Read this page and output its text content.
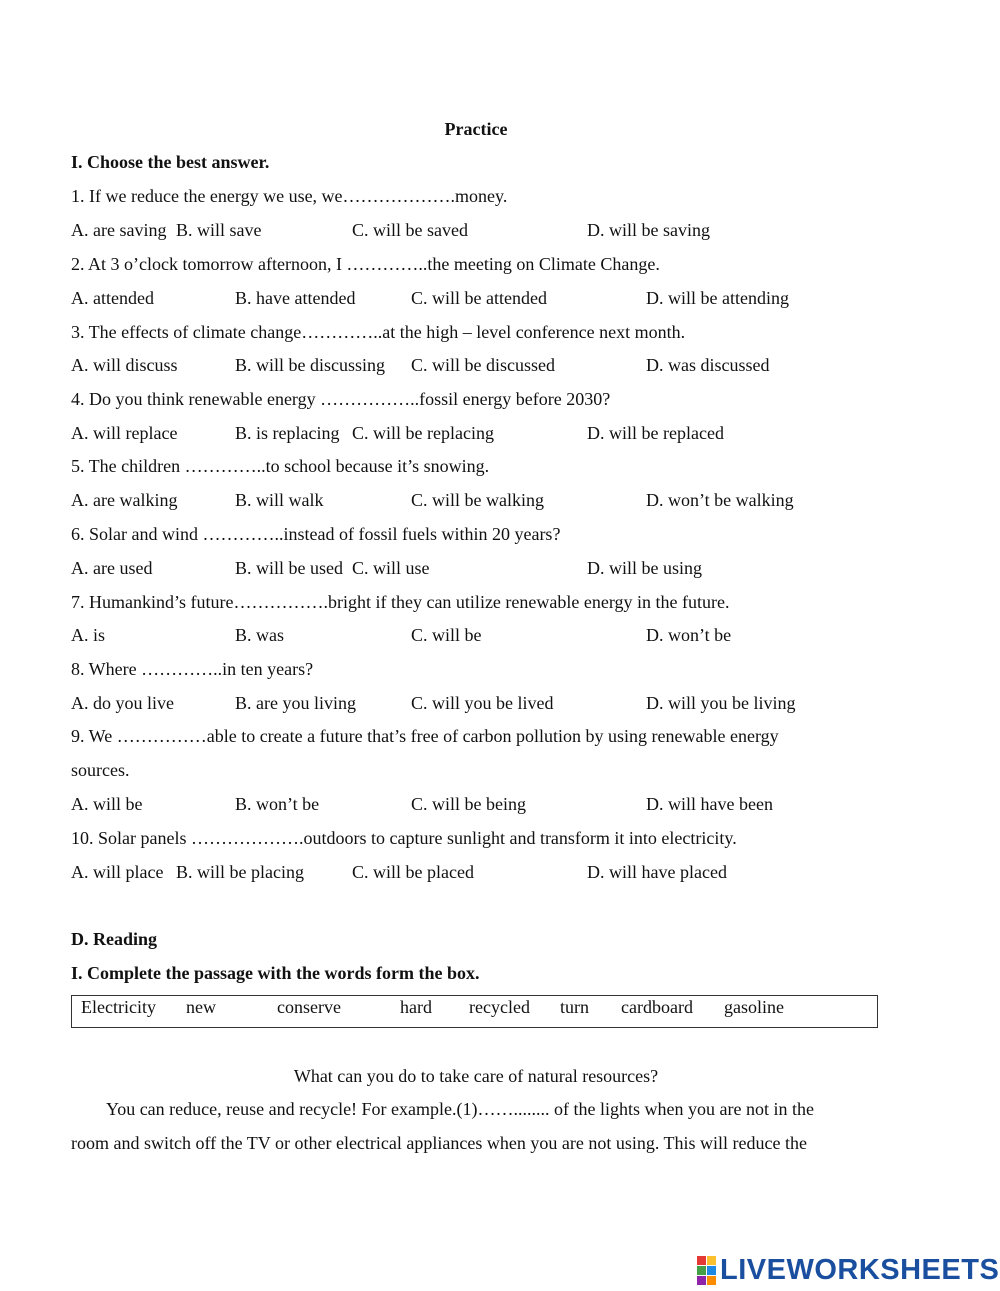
Practice
I. Choose the best answer.
1. If we reduce the energy we use, we……………….money.
A. are saving B. will save	C. will be saved	D. will be saving
2. At 3 o’clock tomorrow afternoon, I …………..the meeting on Climate Change.
A. attended	B. have attended	C. will be attended	D. will be attending
3. The effects of climate change…………..at the high – level conference next month.
A. will discuss	B. will be discussing C. will be discussed	D. was discussed
4. Do you think renewable energy ……………..fossil energy before 2030?
A. will replace	B. is replacing C. will be replacing	D. will be replaced
5. The children …………..to school because it’s snowing.
A. are walking	B. will walk	C. will be walking	D. won’t be walking
6. Solar and wind …………..instead of fossil fuels within 20 years?
A. are used	B. will be used C. will use	D. will be using
7. Humankind’s future…………….bright if they can utilize renewable energy in the future.
A. is	B. was	C. will be	D. won’t be
8. Where …………..in ten years?
A. do you live	B. are you living	C. will you be lived	D. will you be living
9. We ……………able to create a future that’s free of carbon pollution by using renewable energy
sources.
A. will be	B. won’t be	C. will be being	D. will have been
10. Solar panels ……………….outdoors to capture sunlight and transform it into electricity.
A. will place B. will be placing	C. will be placed	D. will have placed
D. Reading
I. Complete the passage with the words form the box.
Electricity new	conserve	hard recycled turn cardboard gasoline
What can you do to take care of natural resources?
You can reduce, reuse and recycle! For example.(1)……........ of the lights when you are not in the
room and switch off the TV or other electrical appliances when you are not using. This will reduce the
LIVEWORKSHEETS
